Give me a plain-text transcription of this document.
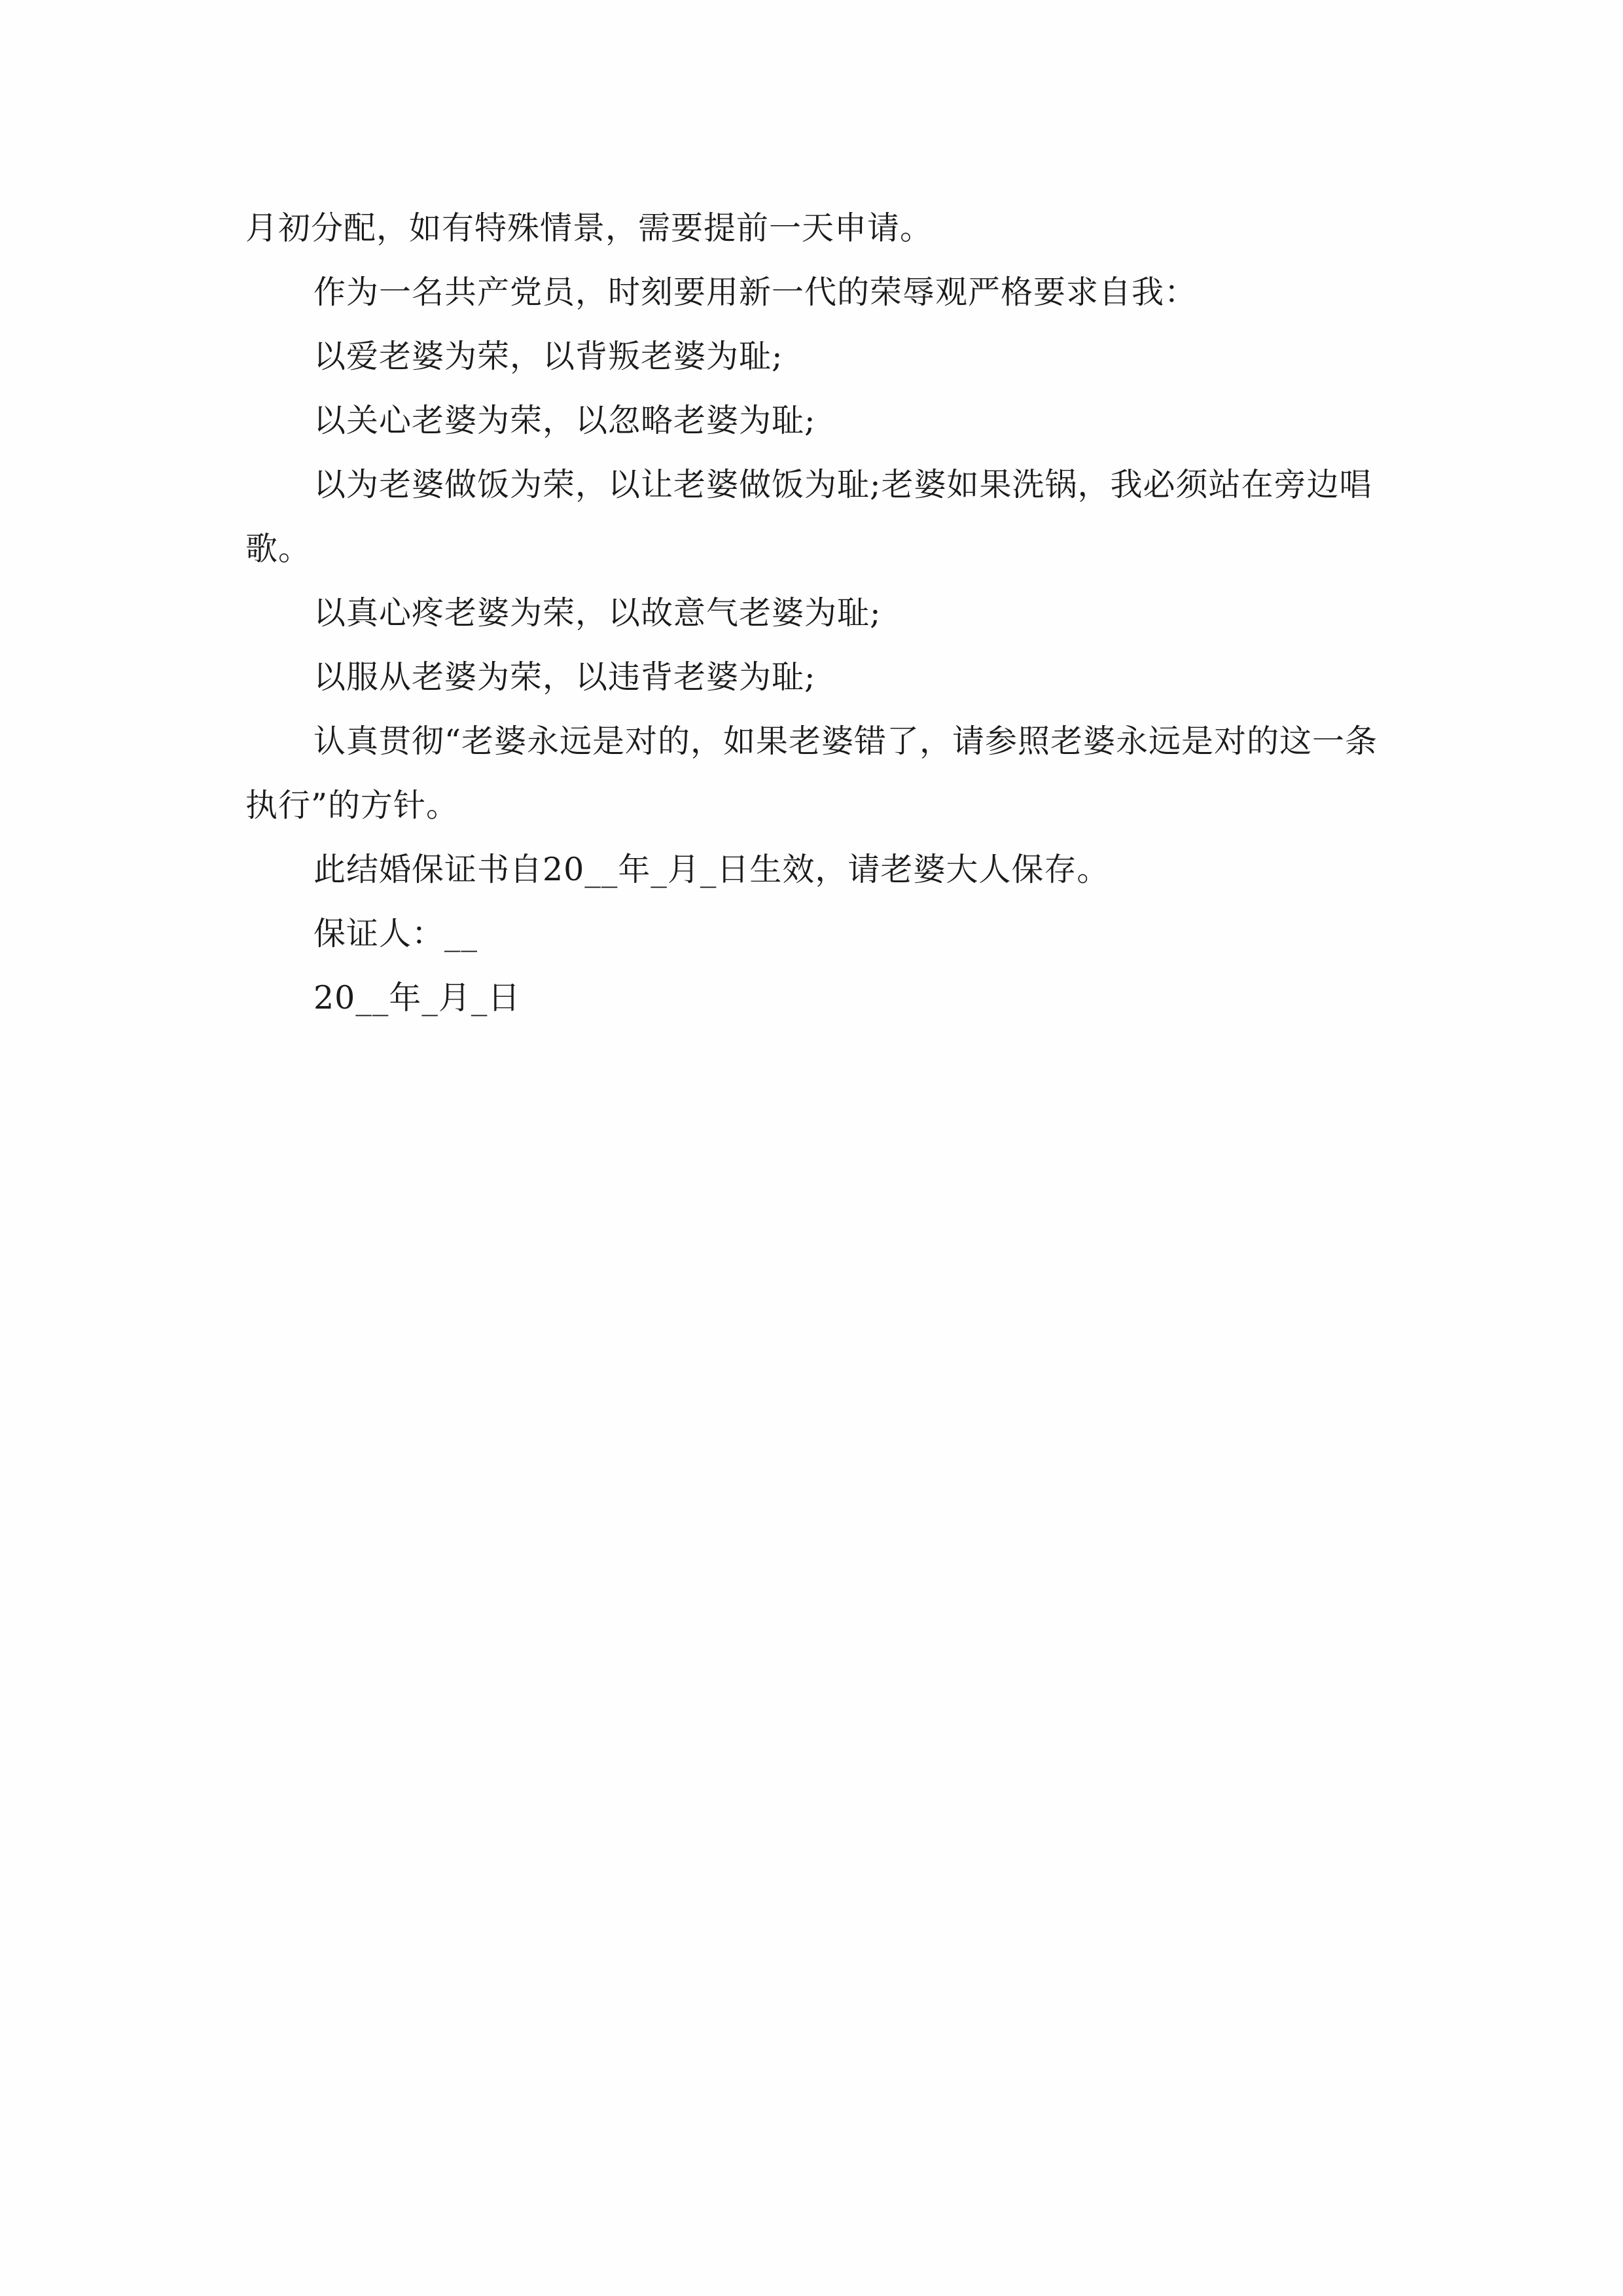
月初分配，如有特殊情景，需要提前一天申请。

作为一名共产党员，时刻要用新一代的荣辱观严格要求自我：

以爱老婆为荣，以背叛老婆为耻;

以关心老婆为荣，以忽略老婆为耻;

以为老婆做饭为荣，以让老婆做饭为耻;老婆如果洗锅，我必须站在旁边唱歌。

以真心疼老婆为荣，以故意气老婆为耻;

以服从老婆为荣，以违背老婆为耻;

认真贯彻“老婆永远是对的，如果老婆错了，请参照老婆永远是对的这一条执行”的方针。

此结婚保证书自20__年_月_日生效，请老婆大人保存。

保证人：__

20__年_月_日
